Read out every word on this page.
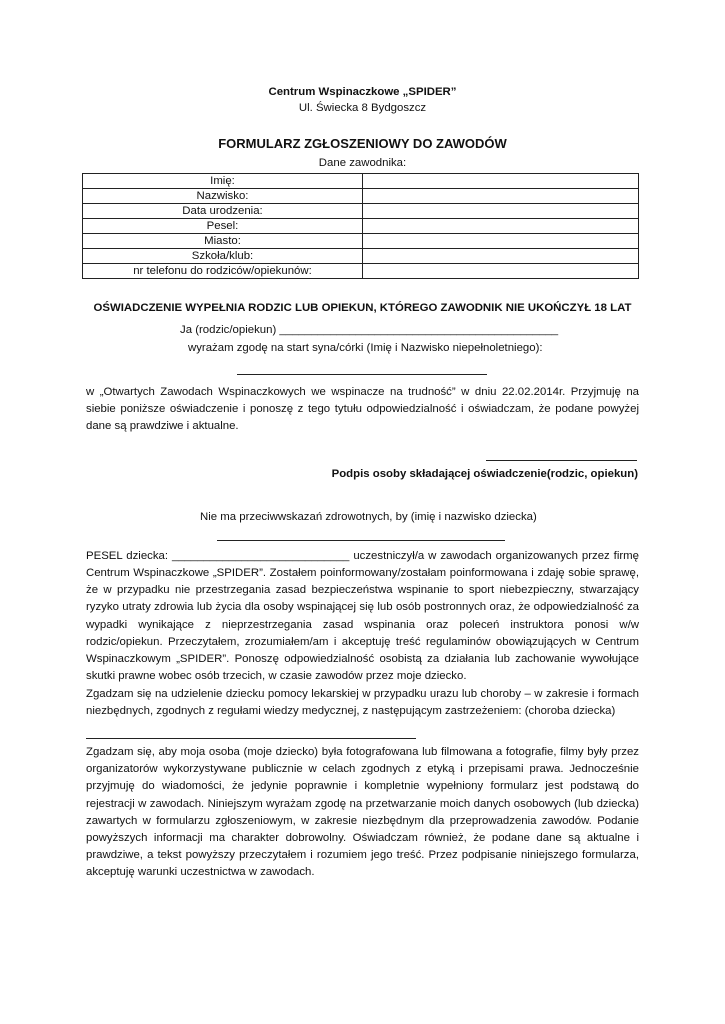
Centrum Wspinaczkowe „SPIDER”
Ul. Świecka 8 Bydgoszcz
FORMULARZ ZGŁOSZENIOWY DO ZAWODÓW
Dane zawodnika:
Imię:	
Nazwisko:	
Data urodzenia:	
Pesel:	
Miasto:	
Szkoła/klub:	
nr telefonu do rodziców/opiekunów:	
OŚWIADCZENIE WYPEŁNIA RODZIC LUB OPIEKUN, KTÓREGO ZAWODNIK NIE UKOŃCZYŁ 18 LAT
Ja (rodzic/opiekun) ____________________________________________
wyrażam zgodę na start syna/córki (Imię i Nazwisko niepełnoletniego):
w „Otwartych Zawodach Wspinaczkowych we wspinacze na trudność” w dniu 22.02.2014r. Przyjmuję na siebie poniższe oświadczenie i ponoszę z tego tytułu odpowiedzialność i oświadczam, że podane powyżej dane są prawdziwe i aktualne.
Podpis osoby składającej oświadczenie(rodzic, opiekun)
Nie ma przeciwwskazań zdrowotnych, by (imię i nazwisko dziecka)
PESEL dziecka: ____________________________ uczestniczył/a w zawodach organizowanych przez firmę
Centrum Wspinaczkowe „SPIDER”. Zostałem poinformowany/zostałam poinformowana i zdaję sobie sprawę, że w przypadku nie przestrzegania zasad bezpieczeństwa wspinanie to sport niebezpieczny, stwarzający ryzyko utraty zdrowia lub życia dla osoby wspinającej się lub osób postronnych oraz, że odpowiedzialność za wypadki wynikające z nieprzestrzegania zasad wspinania oraz poleceń instruktora ponosi w/w rodzic/opiekun. Przeczytałem, zrozumiałem/am i akceptuję treść regulaminów obowiązujących w Centrum Wspinaczkowym „SPIDER”. Ponoszę odpowiedzialność osobistą za działania lub zachowanie wywołujące skutki prawne wobec osób trzecich, w czasie zawodów przez moje dziecko.
Zgadzam się na udzielenie dziecku pomocy lekarskiej w przypadku urazu lub choroby – w zakresie i formach niezbędnych, zgodnych z regułami wiedzy medycznej, z następującym zastrzeżeniem: (choroba dziecka)
Zgadzam się, aby moja osoba (moje dziecko) była fotografowana lub filmowana a fotografie, filmy były przez organizatorów wykorzystywane publicznie w celach zgodnych z etyką i przepisami prawa. Jednocześnie przyjmuję do wiadomości, że jedynie poprawnie i kompletnie wypełniony formularz jest podstawą do rejestracji w zawodach. Niniejszym wyrażam zgodę na przetwarzanie moich danych osobowych (lub dziecka) zawartych w formularzu zgłoszeniowym, w zakresie niezbędnym dla przeprowadzenia zawodów. Podanie powyższych informacji ma charakter dobrowolny. Oświadczam również, że podane dane są aktualne i prawdziwe, a tekst powyższy przeczytałem i rozumiem jego treść. Przez podpisanie niniejszego formularza, akceptuję warunki uczestnictwa w zawodach.
